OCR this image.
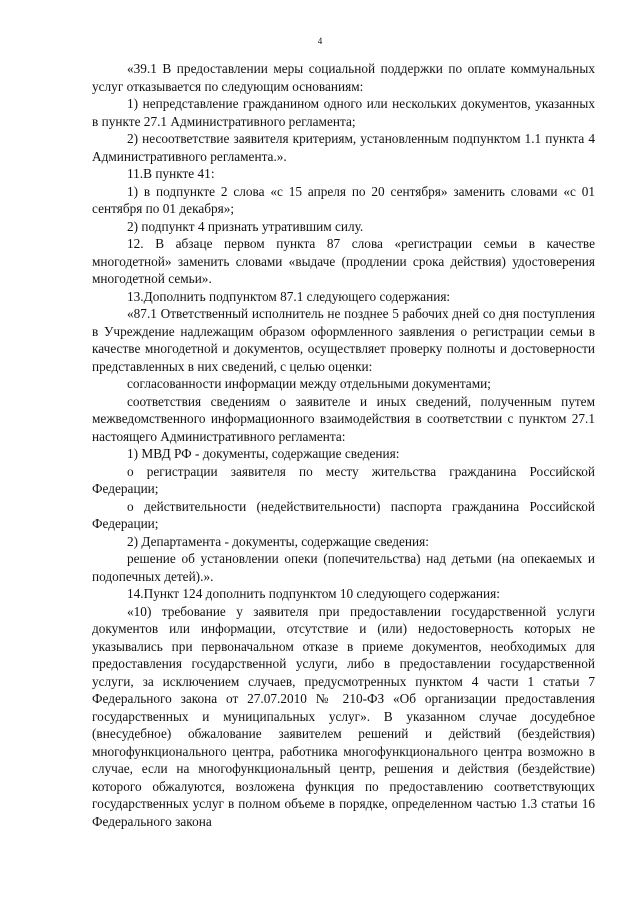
4

«39.1 В предоставлении меры социальной поддержки по оплате коммунальных услуг отказывается по следующим основаниям:

1) непредставление гражданином одного или нескольких документов, указанных в пункте 27.1 Административного регламента;

2) несоответствие заявителя критериям, установленным подпунктом 1.1 пункта 4 Административного регламента.».

11.В пункте 41:

1) в подпункте 2 слова «с 15 апреля по 20 сентября» заменить словами «с 01 сентября по 01 декабря»;

2) подпункт 4 признать утратившим силу.

12. В абзаце первом пункта 87 слова «регистрации семьи в качестве многодетной» заменить словами «выдаче (продлении срока действия) удостоверения многодетной семьи».

13.Дополнить подпунктом 87.1 следующего содержания:

«87.1 Ответственный исполнитель не позднее 5 рабочих дней со дня поступления в Учреждение надлежащим образом оформленного заявления о регистрации семьи в качестве многодетной и документов, осуществляет проверку полноты и достоверности представленных в них сведений, с целью оценки:

согласованности информации между отдельными документами;

соответствия сведениям о заявителе и иных сведений, полученным путем межведомственного информационного взаимодействия в соответствии с пунктом 27.1 настоящего Административного регламента:

1) МВД РФ - документы, содержащие сведения:

о регистрации заявителя по месту жительства гражданина Российской Федерации;

о действительности (недействительности) паспорта гражданина Российской Федерации;

2) Департамента - документы, содержащие сведения:

решение об установлении опеки (попечительства) над детьми (на опекаемых и подопечных детей).».

14.Пункт 124 дополнить подпунктом 10 следующего содержания:

«10) требование у заявителя при предоставлении государственной услуги документов или информации, отсутствие и (или) недостоверность которых не указывались при первоначальном отказе в приеме документов, необходимых для предоставления государственной услуги, либо в предоставлении государственной услуги, за исключением случаев, предусмотренных пунктом 4 части 1 статьи 7 Федерального закона от 27.07.2010 № 210-ФЗ «Об организации предоставления государственных и муниципальных услуг». В указанном случае досудебное (внесудебное) обжалование заявителем решений и действий (бездействия) многофункционального центра, работника многофункционального центра возможно в случае, если на многофункциональный центр, решения и действия (бездействие) которого обжалуются, возложена функция по предоставлению соответствующих государственных услуг в полном объеме в порядке, определенном частью 1.3 статьи 16 Федерального закона
